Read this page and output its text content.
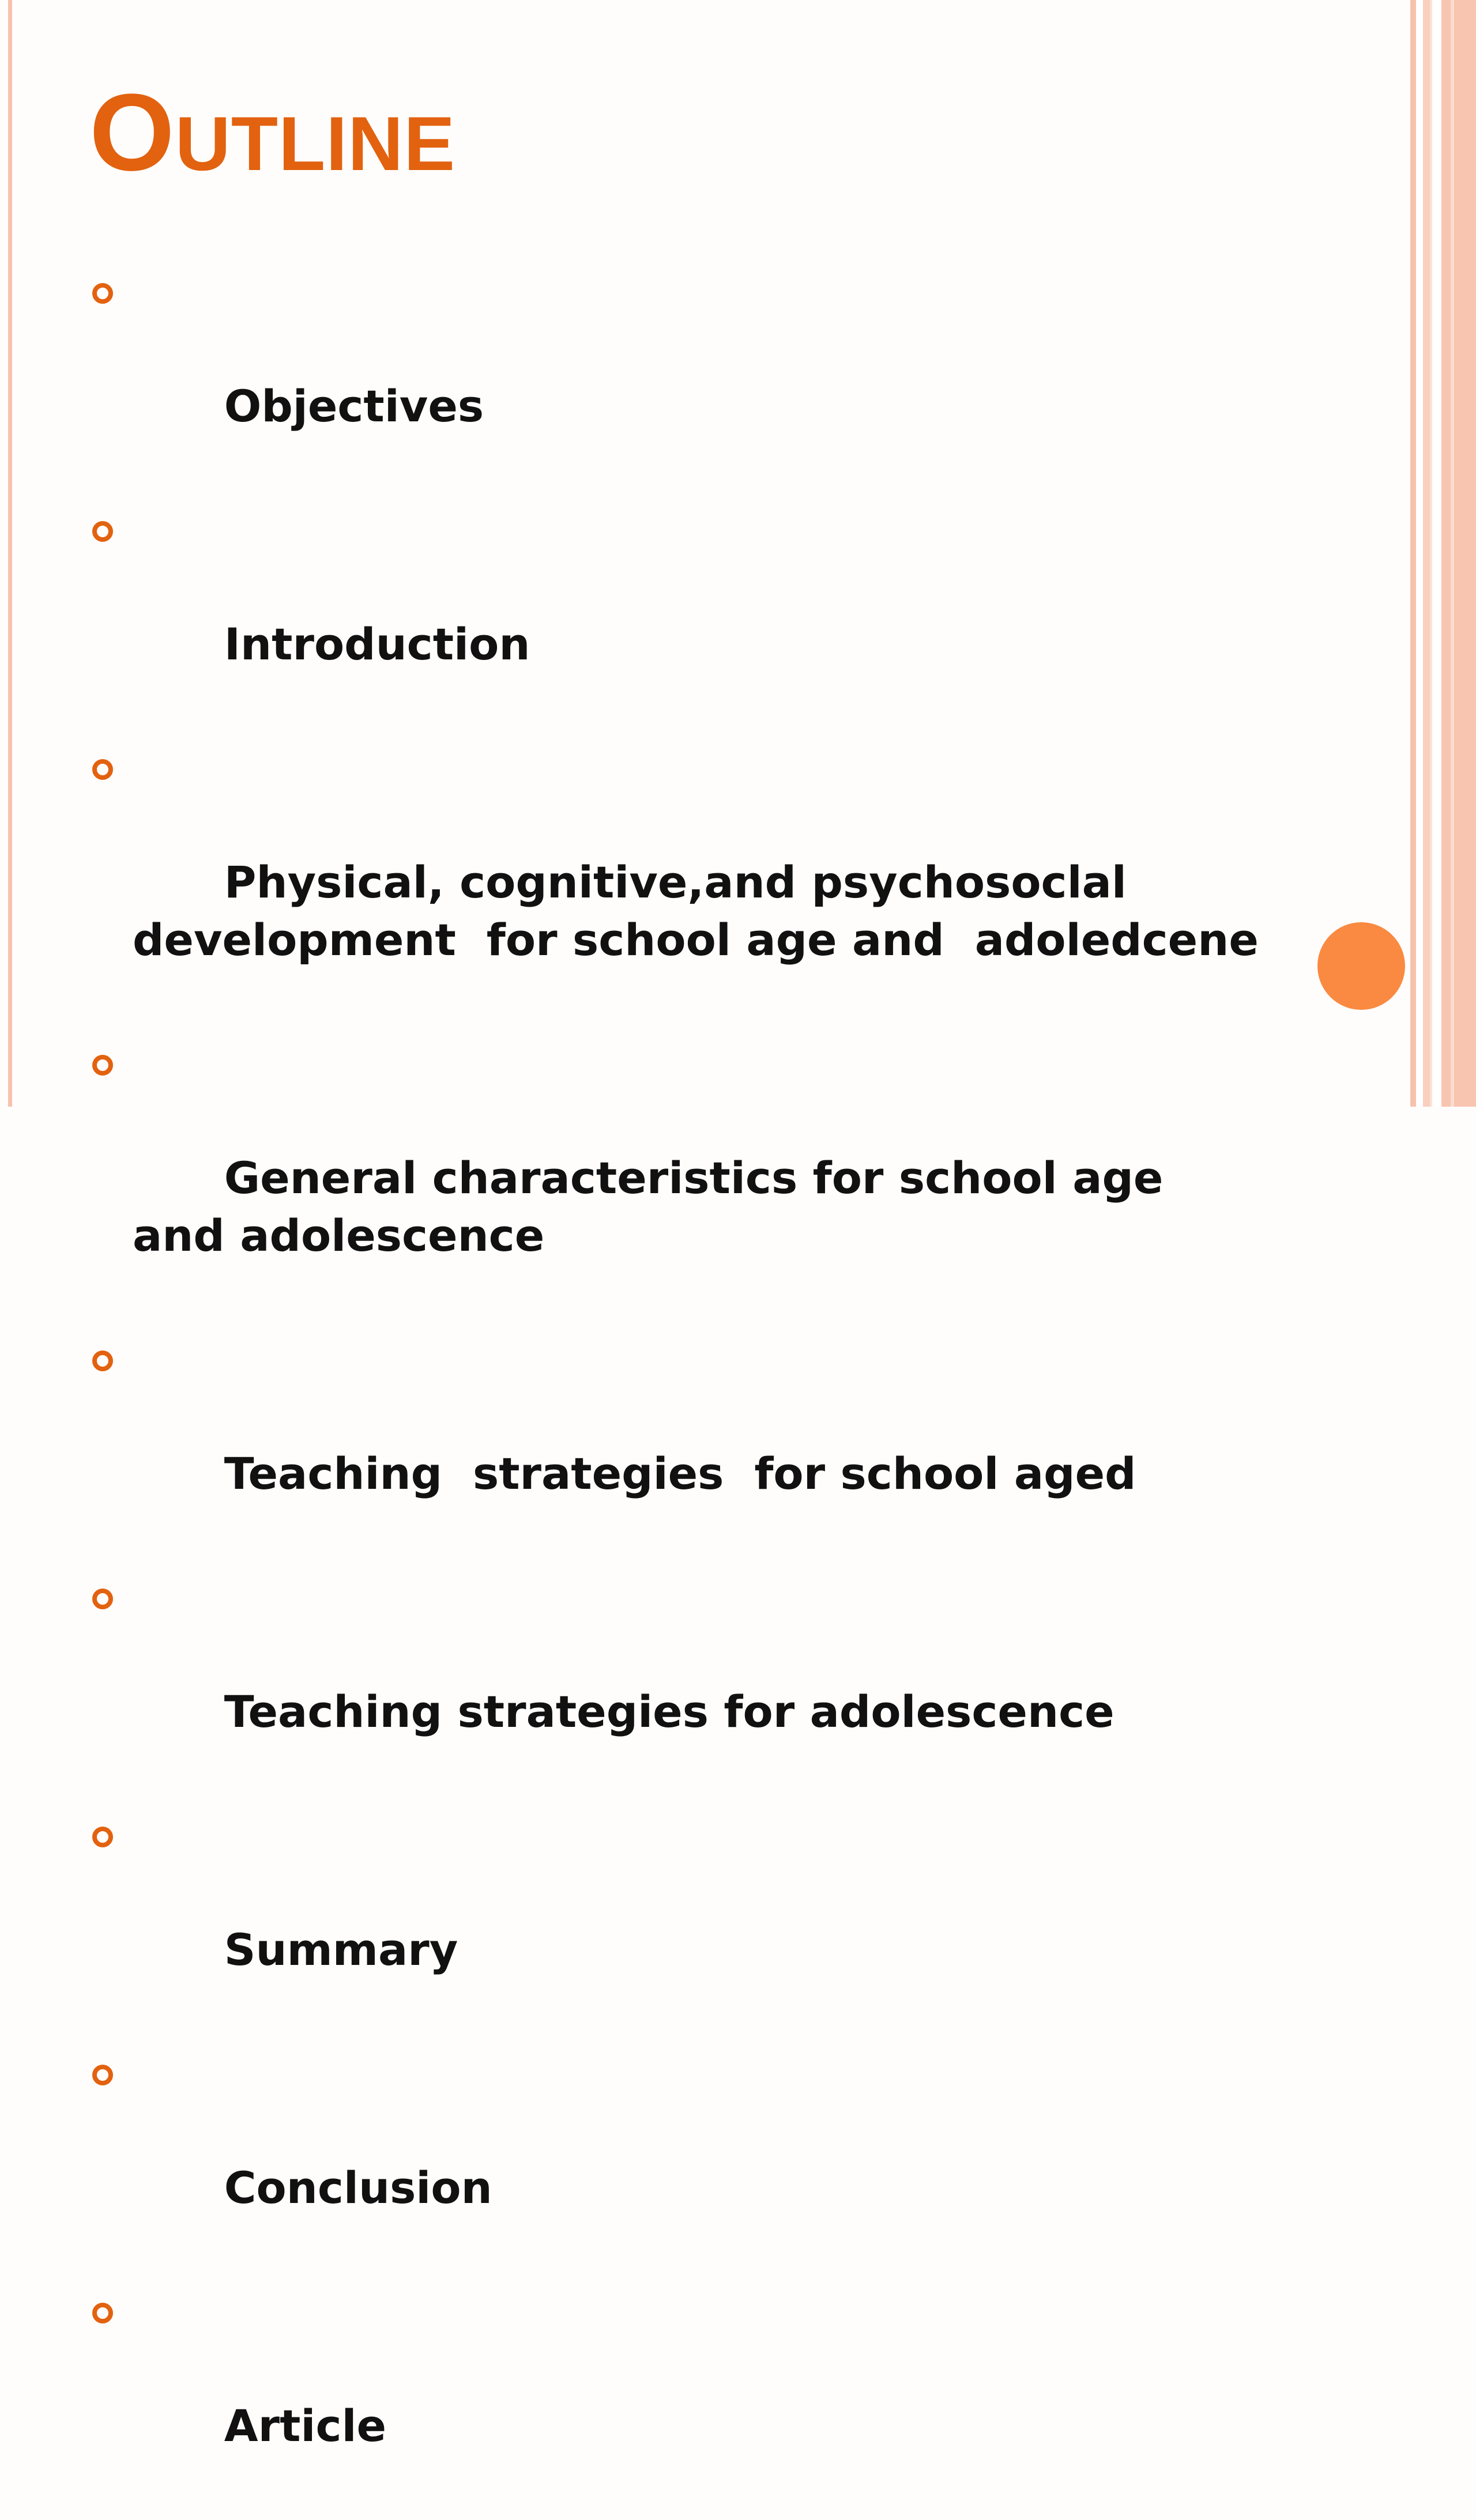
Outline

Objectives

Introduction

Physical, cognitive,and psychosoclal development  for school age and  adoledcene

General characteristics for school age and adolescence

Teaching  strategies  for school aged

Teaching strategies for adolescence

Summary

Conclusion

Article
